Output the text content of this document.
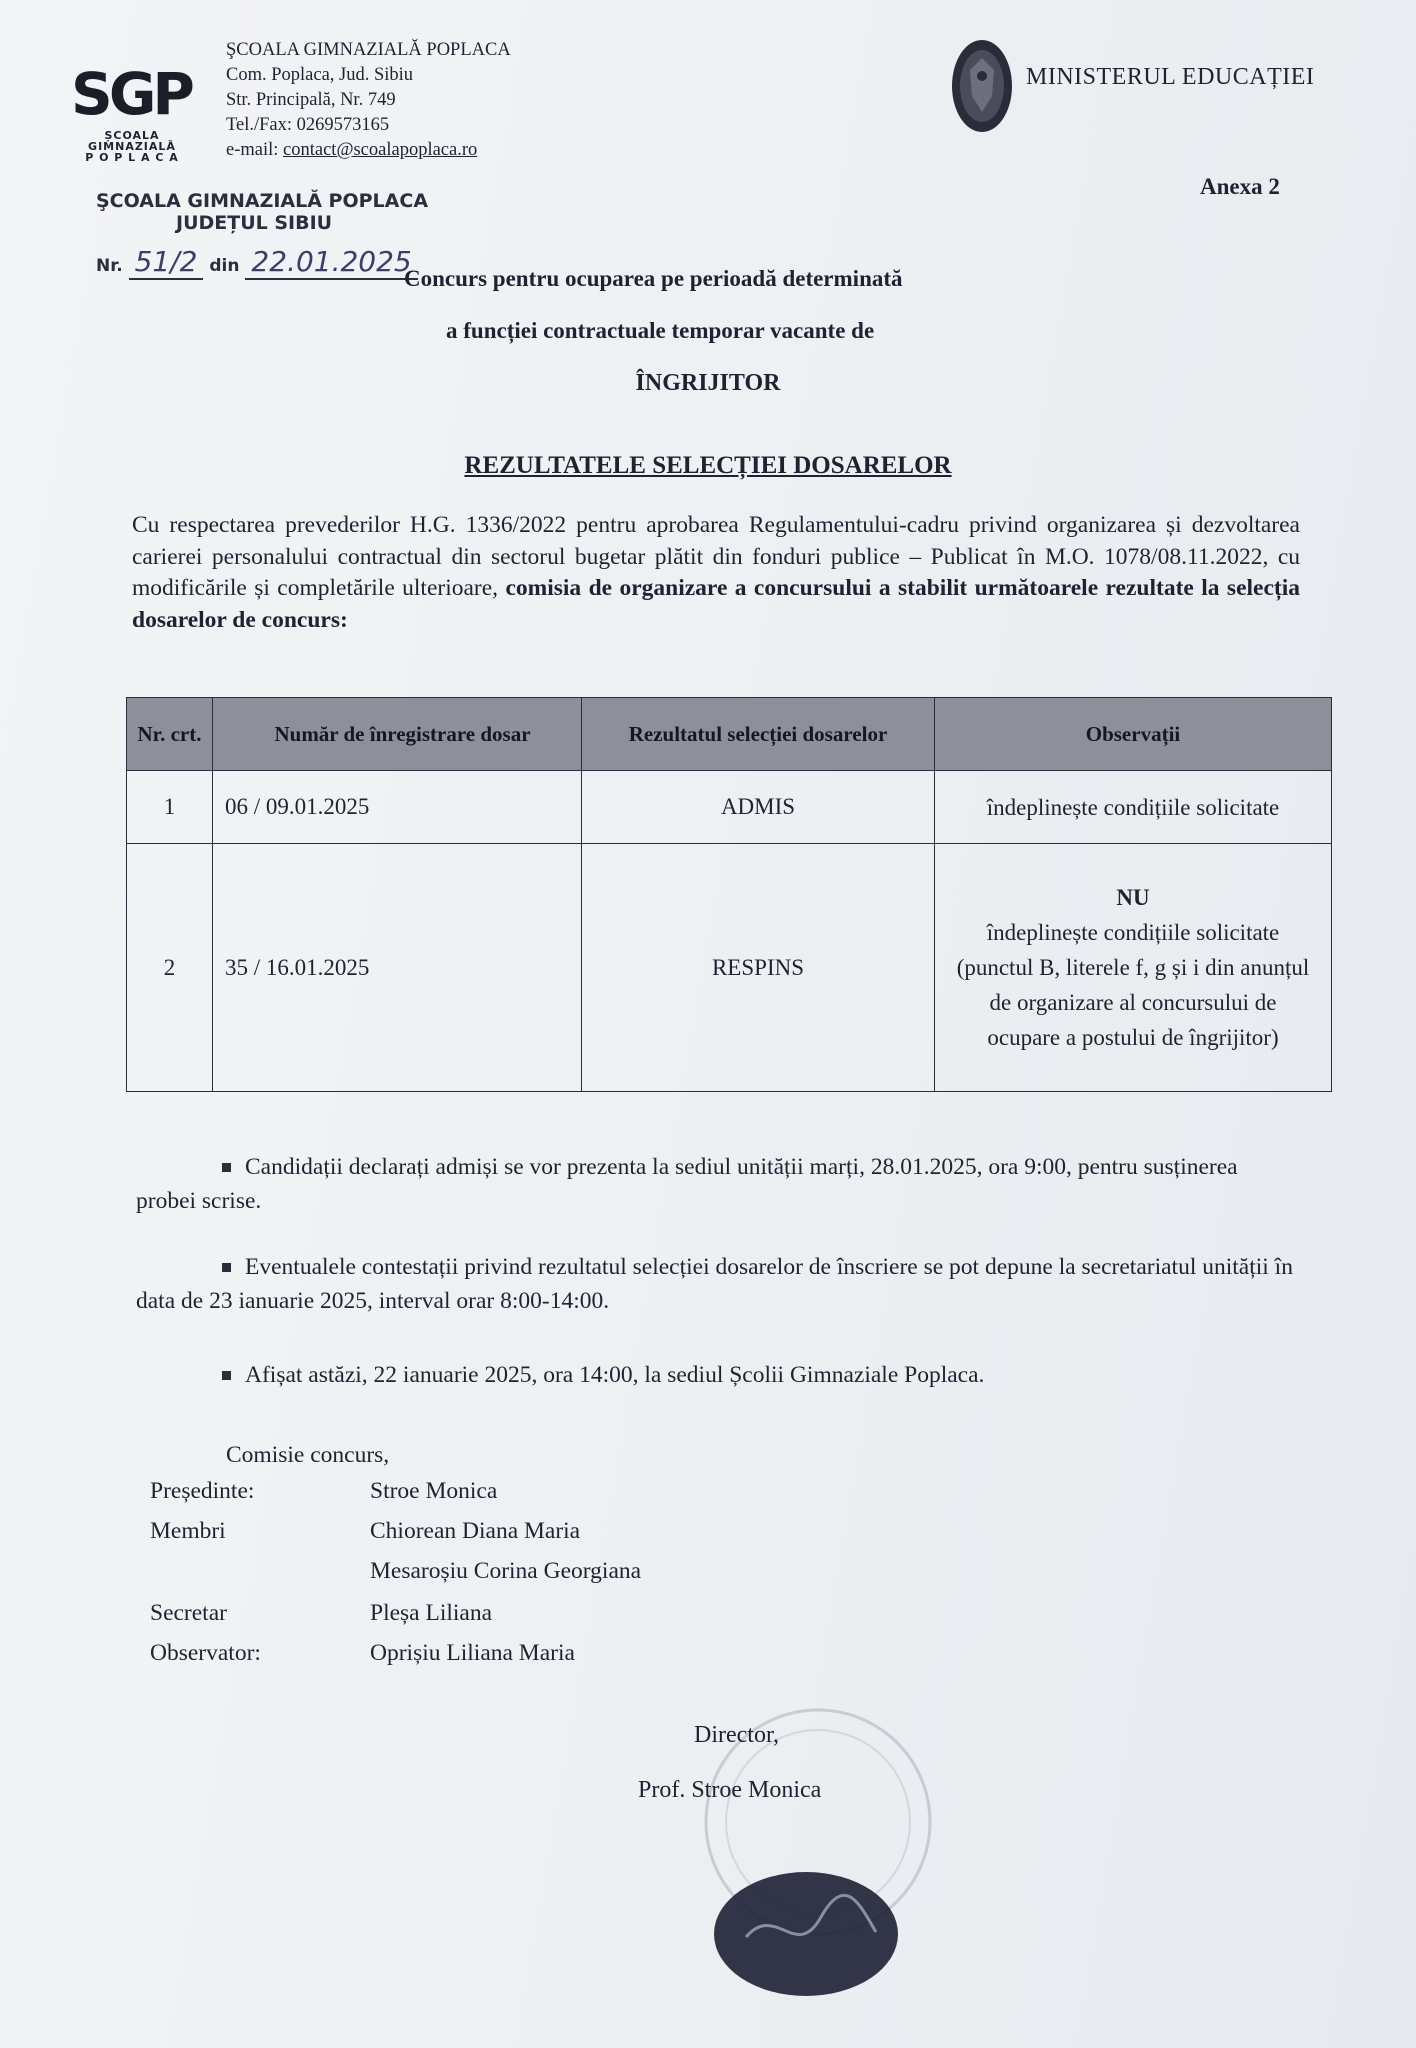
SGP
ȘCOALA
GIMNAZIALĂ
P O P L A C A
ŞCOALA GIMNAZIALĂ POPLACA
Com. Poplaca, Jud. Sibiu
Str. Principală, Nr. 749
Tel./Fax: 0269573165
e-mail: contact@scoalapoplaca.ro
MINISTERUL EDUCAȚIEI
Anexa 2
ŞCOALA GIMNAZIALĂ POPLACA
JUDEȚUL SIBIU
Nr. 51/2 din 22.01.2025
Concurs pentru ocuparea pe perioadă determinată
a funcției contractuale temporar vacante de
ÎNGRIJITOR
REZULTATELE SELECȚIEI DOSARELOR
Cu respectarea prevederilor H.G. 1336/2022 pentru aprobarea Regulamentului-cadru privind organizarea și dezvoltarea carierei personalului contractual din sectorul bugetar plătit din fonduri publice – Publicat în M.O. 1078/08.11.2022, cu modificările și completările ulterioare, comisia de organizare a concursului a stabilit următoarele rezultate la selecția dosarelor de concurs:
Nr. crt.	Număr de înregistrare dosar	Rezultatul selecției dosarelor	Observații
1	06 / 09.01.2025	ADMIS	îndeplinește condițiile solicitate
2	35 / 16.01.2025	RESPINS	NU
îndeplinește condițiile solicitate
(punctul B, literele f, g și i din anunțul de organizare al concursului de ocupare a postului de îngrijitor)
Candidații declarați admiși se vor prezenta la sediul unității marți, 28.01.2025, ora 9:00, pentru susținerea probei scrise.
Eventualele contestații privind rezultatul selecției dosarelor de înscriere se pot depune la secretariatul unității în data de 23 ianuarie 2025, interval orar 8:00-14:00.
Afișat astăzi, 22 ianuarie 2025, ora 14:00, la sediul Școlii Gimnaziale Poplaca.
Comisie concurs,
Președinte:	Stroe Monica
Membri	Chiorean Diana Maria
Mesaroșiu Corina Georgiana
Secretar	Pleșa Liliana
Observator:	Oprișiu Liliana Maria
Director,
Prof. Stroe Monica
